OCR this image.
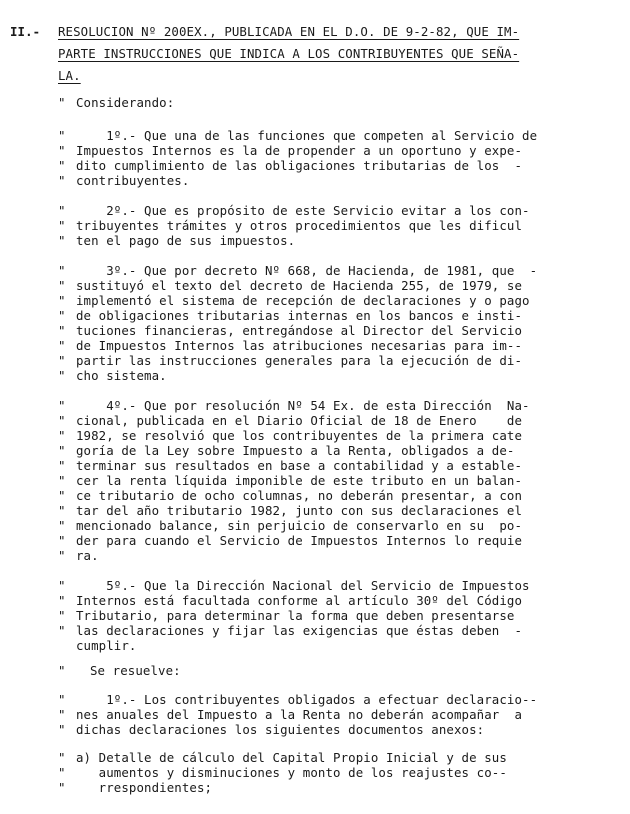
II.- RESOLUCION Nº 200EX., PUBLICADA EN EL D.O. DE 9-2-82, QUE IM-
PARTE INSTRUCCIONES QUE INDICA A LOS CONTRIBUYENTES QUE SEÑA-
LA.
" Considerando:
"
"
"
"
1º.- Que una de las funciones que competen al Servicio de
Impuestos Internos es la de propender a un oportuno y expe-
dito cumplimiento de las obligaciones tributarias de los  -
contribuyentes.
"
"
"
2º.- Que es propósito de este Servicio evitar a los con-
tribuyentes trámites y otros procedimientos que les dificul
ten el pago de sus impuestos.
"
"
"
"
"
"
"
"
3º.- Que por decreto Nº 668, de Hacienda, de 1981, que  -
sustituyó el texto del decreto de Hacienda 255, de 1979, se
implementó el sistema de recepción de declaraciones y o pago
de obligaciones tributarias internas en los bancos e insti-
tuciones financieras, entregándose al Director del Servicio
de Impuestos Internos las atribuciones necesarias para im--
partir las instrucciones generales para la ejecución de di-
cho sistema.
"
"
"
"
"
"
"
"
"
"
"
4º.- Que por resolución Nº 54 Ex. de esta Dirección  Na-
cional, publicada en el Diario Oficial de 18 de Enero    de
1982, se resolvió que los contribuyentes de la primera cate
goría de la Ley sobre Impuesto a la Renta, obligados a de-
terminar sus resultados en base a contabilidad y a estable-
cer la renta líquida imponible de este tributo en un balan-
ce tributario de ocho columnas, no deberán presentar, a con
tar del año tributario 1982, junto con sus declaraciones el
mencionado balance, sin perjuicio de conservarlo en su  po-
der para cuando el Servicio de Impuestos Internos lo requie
ra.
"
"
"
"
5º.- Que la Dirección Nacional del Servicio de Impuestos
Internos está facultada conforme al artículo 30º del Código
Tributario, para determinar la forma que deben presentarse
las declaraciones y fijar las exigencias que éstas deben  -
cumplir.
" Se resuelve:
"
"
"
1º.- Los contribuyentes obligados a efectuar declaracio--
nes anuales del Impuesto a la Renta no deberán acompañar  a
dichas declaraciones los siguientes documentos anexos:
"
"
"
a) Detalle de cálculo del Capital Propio Inicial y de sus
aumentos y disminuciones y monto de los reajustes co--
rrespondientes;
